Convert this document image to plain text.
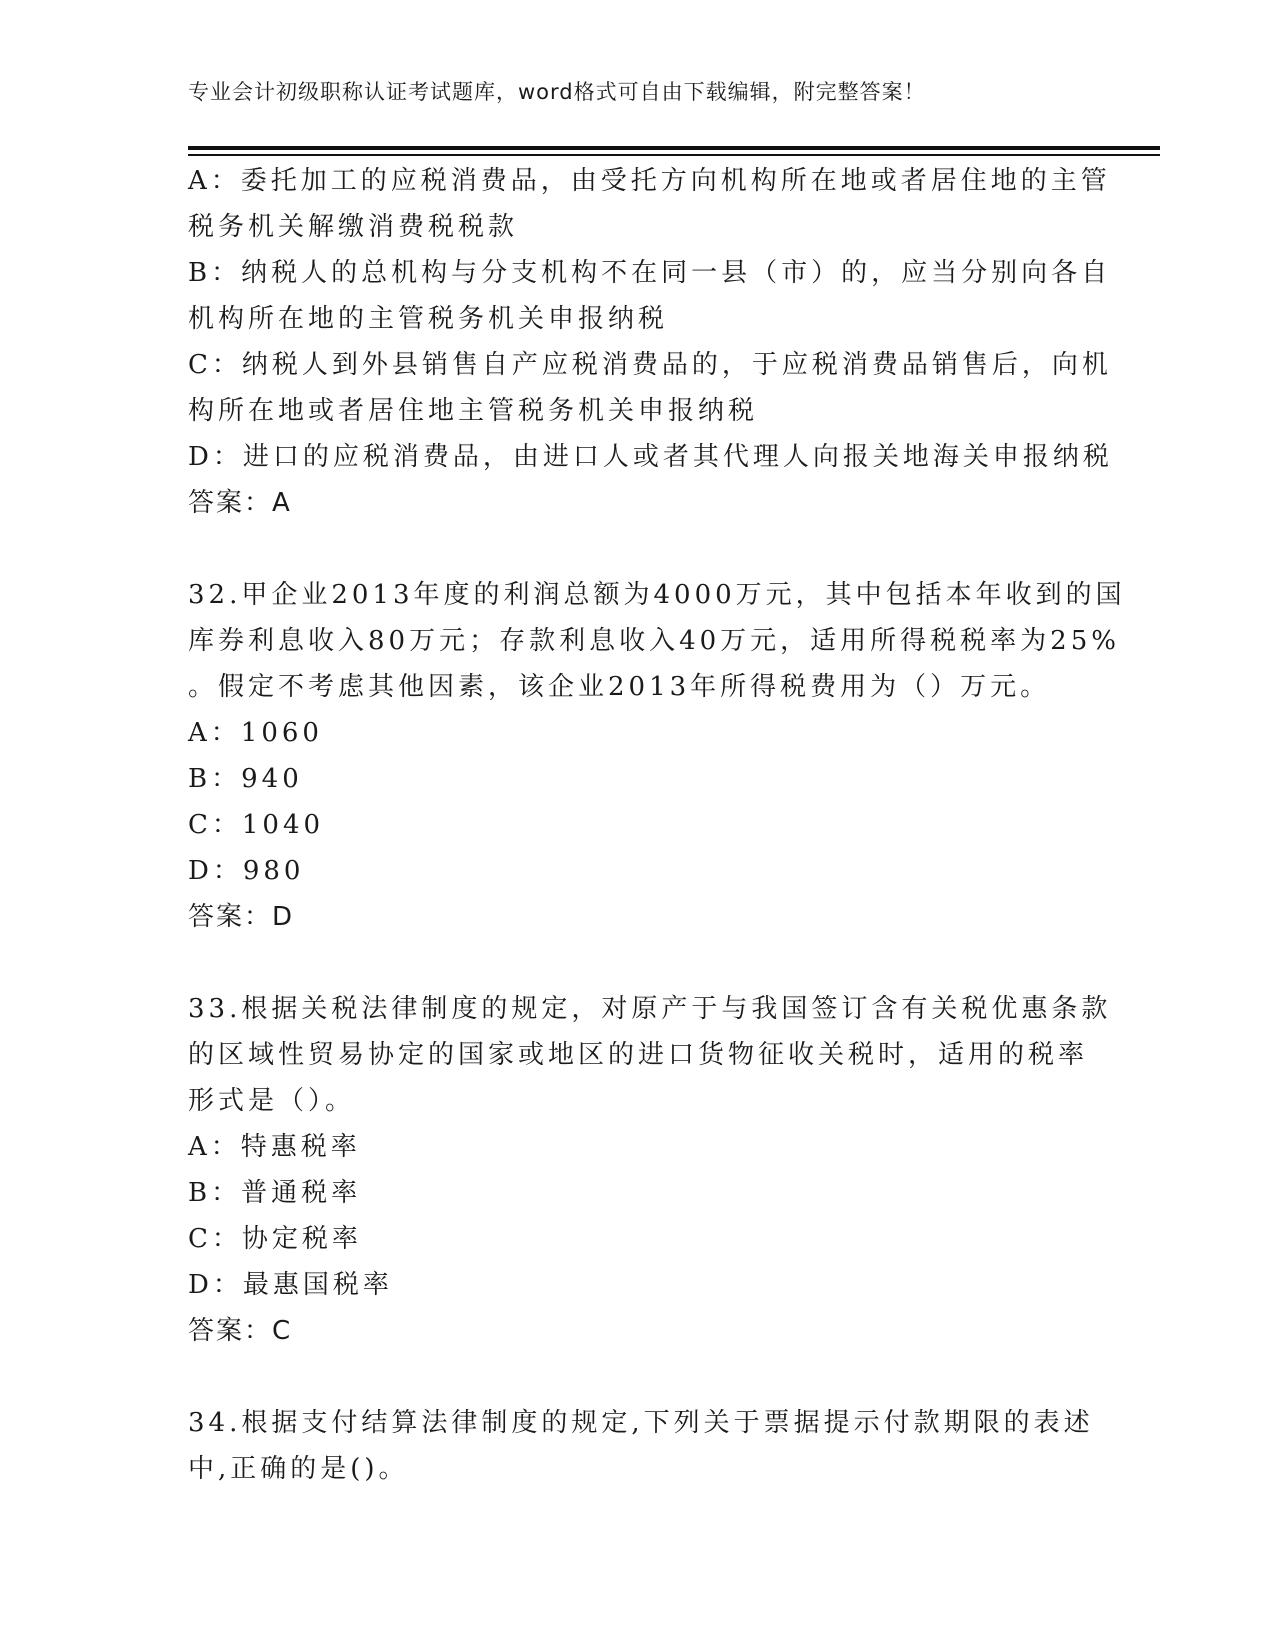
专业会计初级职称认证考试题库，word格式可自由下载编辑，附完整答案！
A：委托加工的应税消费品，由受托方向机构所在地或者居住地的主管
税务机关解缴消费税税款
B：纳税人的总机构与分支机构不在同一县（市）的，应当分别向各自
机构所在地的主管税务机关申报纳税
C：纳税人到外县销售自产应税消费品的，于应税消费品销售后，向机
构所在地或者居住地主管税务机关申报纳税
D：进口的应税消费品，由进口人或者其代理人向报关地海关申报纳税
答案：A
32.甲企业2013年度的利润总额为4000万元，其中包括本年收到的国
库券利息收入80万元；存款利息收入40万元，适用所得税税率为25%
。假定不考虑其他因素，该企业2013年所得税费用为（）万元。
A：1060
B：940
C：1040
D：980
答案：D
33.根据关税法律制度的规定，对原产于与我国签订含有关税优惠条款
的区域性贸易协定的国家或地区的进口货物征收关税时，适用的税率
形式是（）。
A：特惠税率
B：普通税率
C：协定税率
D：最惠国税率
答案：C
34.根据支付结算法律制度的规定,下列关于票据提示付款期限的表述
中,正确的是()。
